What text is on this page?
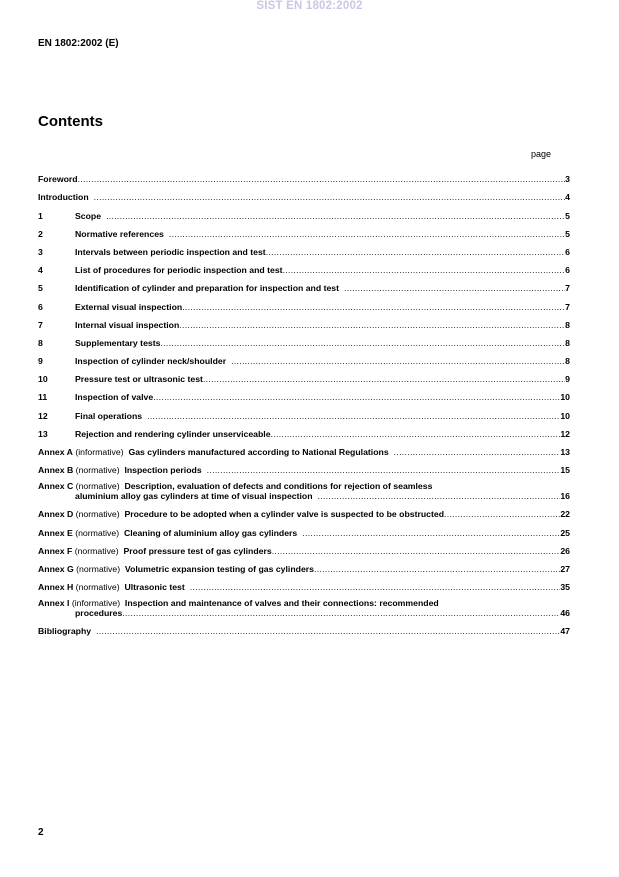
SIST EN 1802:2002
EN 1802:2002 (E)
Contents
page
Foreword .....	3
Introduction .....	4
1	Scope .....	5
2	Normative references .....	5
3	Intervals between periodic inspection and test .....	6
4	List of procedures for periodic inspection and test .....	6
5	Identification of cylinder and preparation for inspection and test .....	7
6	External visual inspection .....	7
7	Internal visual inspection .....	8
8	Supplementary tests .....	8
9	Inspection of cylinder neck/shoulder .....	8
10	Pressure test or ultrasonic test .....	9
11	Inspection of valve .....	10
12	Final operations .....	10
13	Rejection and rendering cylinder unserviceable .....	12
Annex A (informative) Gas cylinders manufactured according to National Regulations .....	13
Annex B (normative) Inspection periods .....	15
Annex C (normative) Description, evaluation of defects and conditions for rejection of seamless
aluminium alloy gas cylinders at time of visual inspection .....	16
Annex D (normative) Procedure to be adopted when a cylinder valve is suspected to be obstructed .....	22
Annex E (normative) Cleaning of aluminium alloy gas cylinders .....	25
Annex F (normative) Proof pressure test of gas cylinders .....	26
Annex G (normative) Volumetric expansion testing of gas cylinders .....	27
Annex H (normative) Ultrasonic test .....	35
Annex I (informative) Inspection and maintenance of valves and their connections: recommended
procedures .....	46
Bibliography .....	47
2
